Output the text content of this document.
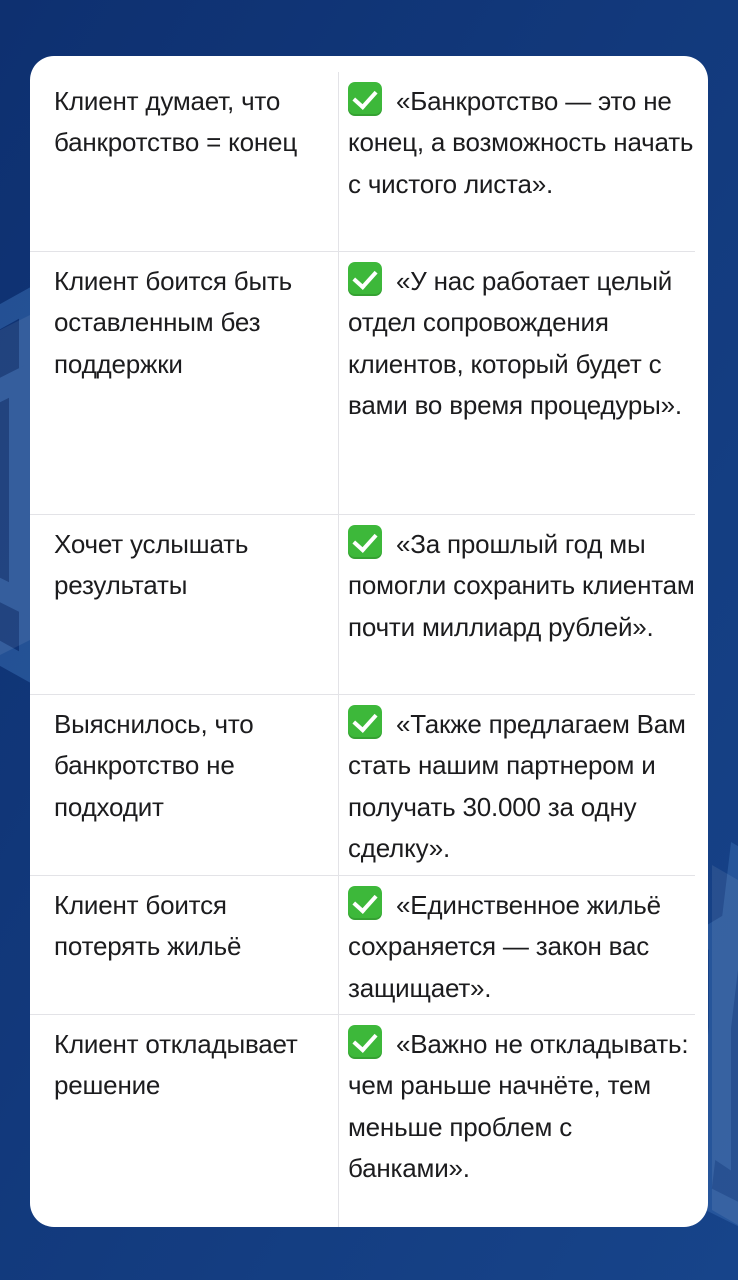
Клиент думает, что банкротство = конец
«Банкротство — это не конец, а возможность начать с чистого листа».
Клиент боится быть оставленным без поддержки
«У нас работает целый отдел сопровождения клиентов, который будет с вами во время процедуры».
Хочет услышать результаты
«За прошлый год мы помогли сохранить клиентам почти миллиард рублей».
Выяснилось, что банкротство не подходит
«Также предлагаем Вам стать нашим партнером и получать 30.000 за одну сделку».
Клиент боится потерять жильё
«Единственное жильё сохраняется — закон вас защищает».
Клиент откладывает решение
«Важно не откладывать: чем раньше начнёте, тем меньше проблем с банками».
